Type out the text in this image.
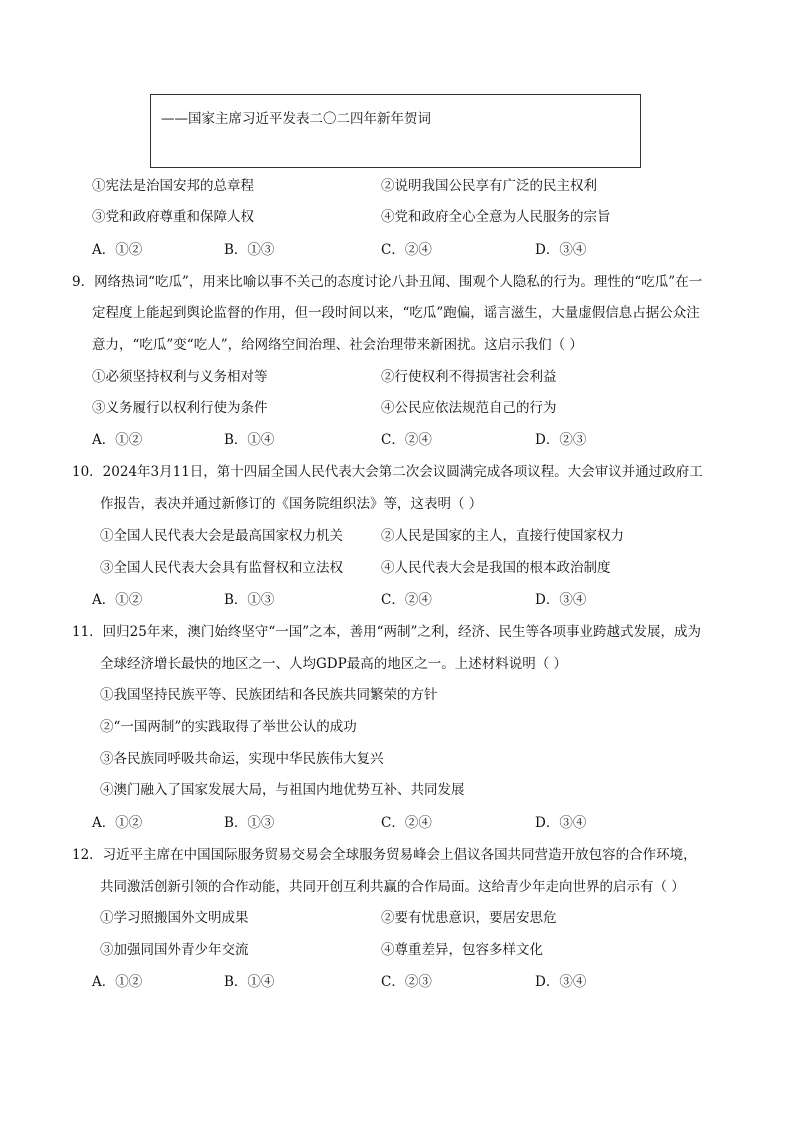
——国家主席习近平发表二〇二四年新年贺词
①宪法是治国安邦的总章程	②说明我国公民享有广泛的民主权利
③党和政府尊重和保障人权	④党和政府全心全意为人民服务的宗旨
A．①②	B．①③	C．②④	D．③④
9．网络热词“吃瓜”，用来比喻以事不关己的态度讨论八卦丑闻、围观个人隐私的行为。理性的“吃瓜”在一
定程度上能起到舆论监督的作用，但一段时间以来，“吃瓜”跑偏，谣言滋生，大量虚假信息占据公众注
意力，“吃瓜”变“吃人”，给网络空间治理、社会治理带来新困扰。这启示我们（ ）
①必须坚持权利与义务相对等	②行使权利不得损害社会利益
③义务履行以权利行使为条件	④公民应依法规范自己的行为
A．①②	B．①④	C．②④	D．②③
10．2024年3月11日，第十四届全国人民代表大会第二次会议圆满完成各项议程。大会审议并通过政府工
作报告，表决并通过新修订的《国务院组织法》等，这表明（ ）
①全国人民代表大会是最高国家权力机关	②人民是国家的主人，直接行使国家权力
③全国人民代表大会具有监督权和立法权	④人民代表大会是我国的根本政治制度
A．①②	B．①③	C．②④	D．③④
11．回归25年来，澳门始终坚守“一国”之本，善用“两制”之利，经济、民生等各项事业跨越式发展，成为
全球经济增长最快的地区之一、人均GDP最高的地区之一。上述材料说明（ ）
①我国坚持民族平等、民族团结和各民族共同繁荣的方针
②“一国两制”的实践取得了举世公认的成功
③各民族同呼吸共命运，实现中华民族伟大复兴
④澳门融入了国家发展大局，与祖国内地优势互补、共同发展
A．①②	B．①③	C．②④	D．③④
12．习近平主席在中国国际服务贸易交易会全球服务贸易峰会上倡议各国共同营造开放包容的合作环境，
共同激活创新引领的合作动能，共同开创互利共赢的合作局面。这给青少年走向世界的启示有（ ）
①学习照搬国外文明成果	②要有忧患意识，要居安思危
③加强同国外青少年交流	④尊重差异，包容多样文化
A．①②	B．①④	C．②③	D．③④
